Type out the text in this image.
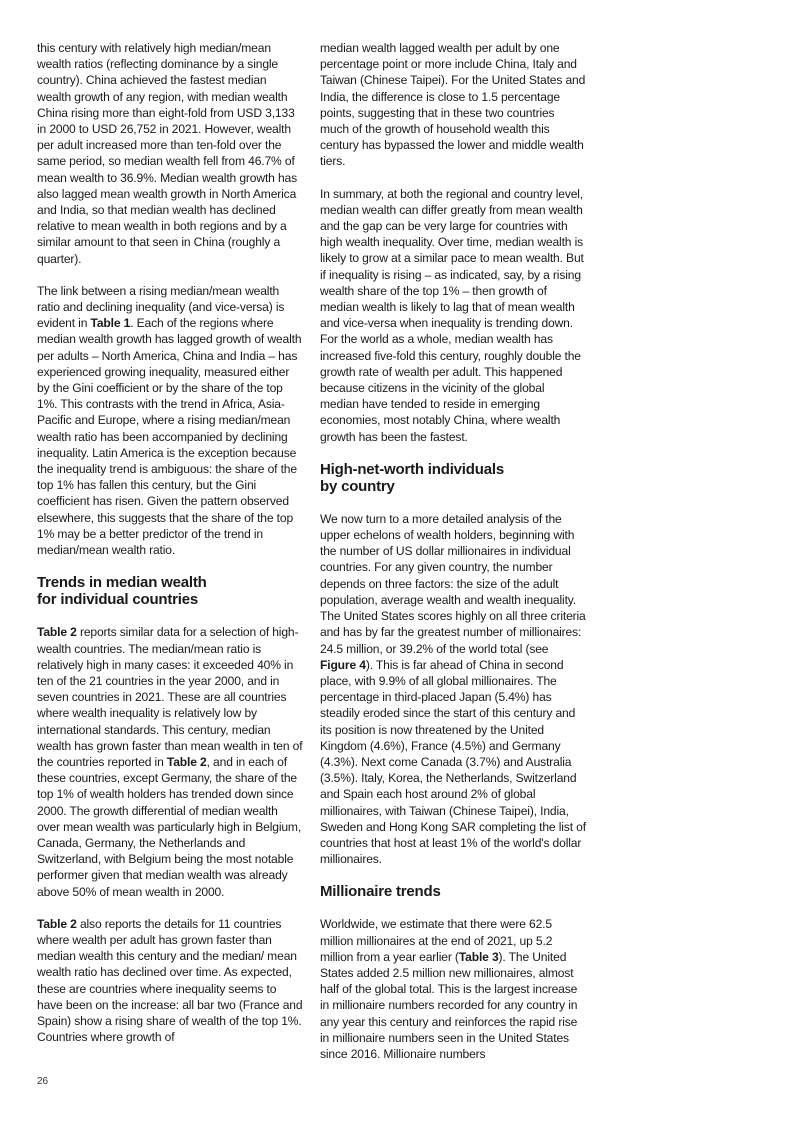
this century with relatively high median/mean wealth ratios (reflecting dominance by a single country). China achieved the fastest median wealth growth of any region, with median wealth China rising more than eight-fold from USD 3,133 in 2000 to USD 26,752 in 2021. However, wealth per adult increased more than ten-fold over the same period, so median wealth fell from 46.7% of mean wealth to 36.9%. Median wealth growth has also lagged mean wealth growth in North America and India, so that median wealth has declined relative to mean wealth in both regions and by a similar amount to that seen in China (roughly a quarter).

The link between a rising median/mean wealth ratio and declining inequality (and vice-versa) is evident in Table 1. Each of the regions where median wealth growth has lagged growth of wealth per adults – North America, China and India – has experienced growing inequality, measured either by the Gini coefficient or by the share of the top 1%. This contrasts with the trend in Africa, Asia-Pacific and Europe, where a rising median/mean wealth ratio has been accompanied by declining inequality. Latin America is the exception because the inequality trend is ambiguous: the share of the top 1% has fallen this century, but the Gini coefficient has risen. Given the pattern observed elsewhere, this suggests that the share of the top 1% may be a better predictor of the trend in median/mean wealth ratio.

Trends in median wealth
for individual countries

Table 2 reports similar data for a selection of high-wealth countries. The median/mean ratio is relatively high in many cases: it exceeded 40% in ten of the 21 countries in the year 2000, and in seven countries in 2021. These are all countries where wealth inequality is relatively low by international standards. This century, median wealth has grown faster than mean wealth in ten of the countries reported in Table 2, and in each of these countries, except Germany, the share of the top 1% of wealth holders has trended down since 2000. The growth differential of median wealth over mean wealth was particularly high in Belgium, Canada, Germany, the Netherlands and Switzerland, with Belgium being the most notable performer given that median wealth was already above 50% of mean wealth in 2000.

Table 2 also reports the details for 11 countries where wealth per adult has grown faster than median wealth this century and the median/ mean wealth ratio has declined over time. As expected, these are countries where inequality seems to have been on the increase: all bar two (France and Spain) show a rising share of wealth of the top 1%. Countries where growth of

median wealth lagged wealth per adult by one percentage point or more include China, Italy and Taiwan (Chinese Taipei). For the United States and India, the difference is close to 1.5 percentage points, suggesting that in these two countries much of the growth of household wealth this century has bypassed the lower and middle wealth tiers.

In summary, at both the regional and country level, median wealth can differ greatly from mean wealth and the gap can be very large for countries with high wealth inequality. Over time, median wealth is likely to grow at a similar pace to mean wealth. But if inequality is rising – as indicated, say, by a rising wealth share of the top 1% – then growth of median wealth is likely to lag that of mean wealth and vice-versa when inequality is trending down. For the world as a whole, median wealth has increased five-fold this century, roughly double the growth rate of wealth per adult. This happened because citizens in the vicinity of the global median have tended to reside in emerging economies, most notably China, where wealth growth has been the fastest.

High-net-worth individuals
by country

We now turn to a more detailed analysis of the upper echelons of wealth holders, beginning with the number of US dollar millionaires in individual countries. For any given country, the number depends on three factors: the size of the adult population, average wealth and wealth inequality. The United States scores highly on all three criteria and has by far the greatest number of millionaires: 24.5 million, or 39.2% of the world total (see Figure 4). This is far ahead of China in second place, with 9.9% of all global millionaires. The percentage in third-placed Japan (5.4%) has steadily eroded since the start of this century and its position is now threatened by the United Kingdom (4.6%), France (4.5%) and Germany (4.3%). Next come Canada (3.7%) and Australia (3.5%). Italy, Korea, the Netherlands, Switzerland and Spain each host around 2% of global millionaires, with Taiwan (Chinese Taipei), India, Sweden and Hong Kong SAR completing the list of countries that host at least 1% of the world's dollar millionaires.

Millionaire trends

Worldwide, we estimate that there were 62.5 million millionaires at the end of 2021, up 5.2 million from a year earlier (Table 3). The United States added 2.5 million new millionaires, almost half of the global total. This is the largest increase in millionaire numbers recorded for any country in any year this century and reinforces the rapid rise in millionaire numbers seen in the United States since 2016. Millionaire numbers

26
